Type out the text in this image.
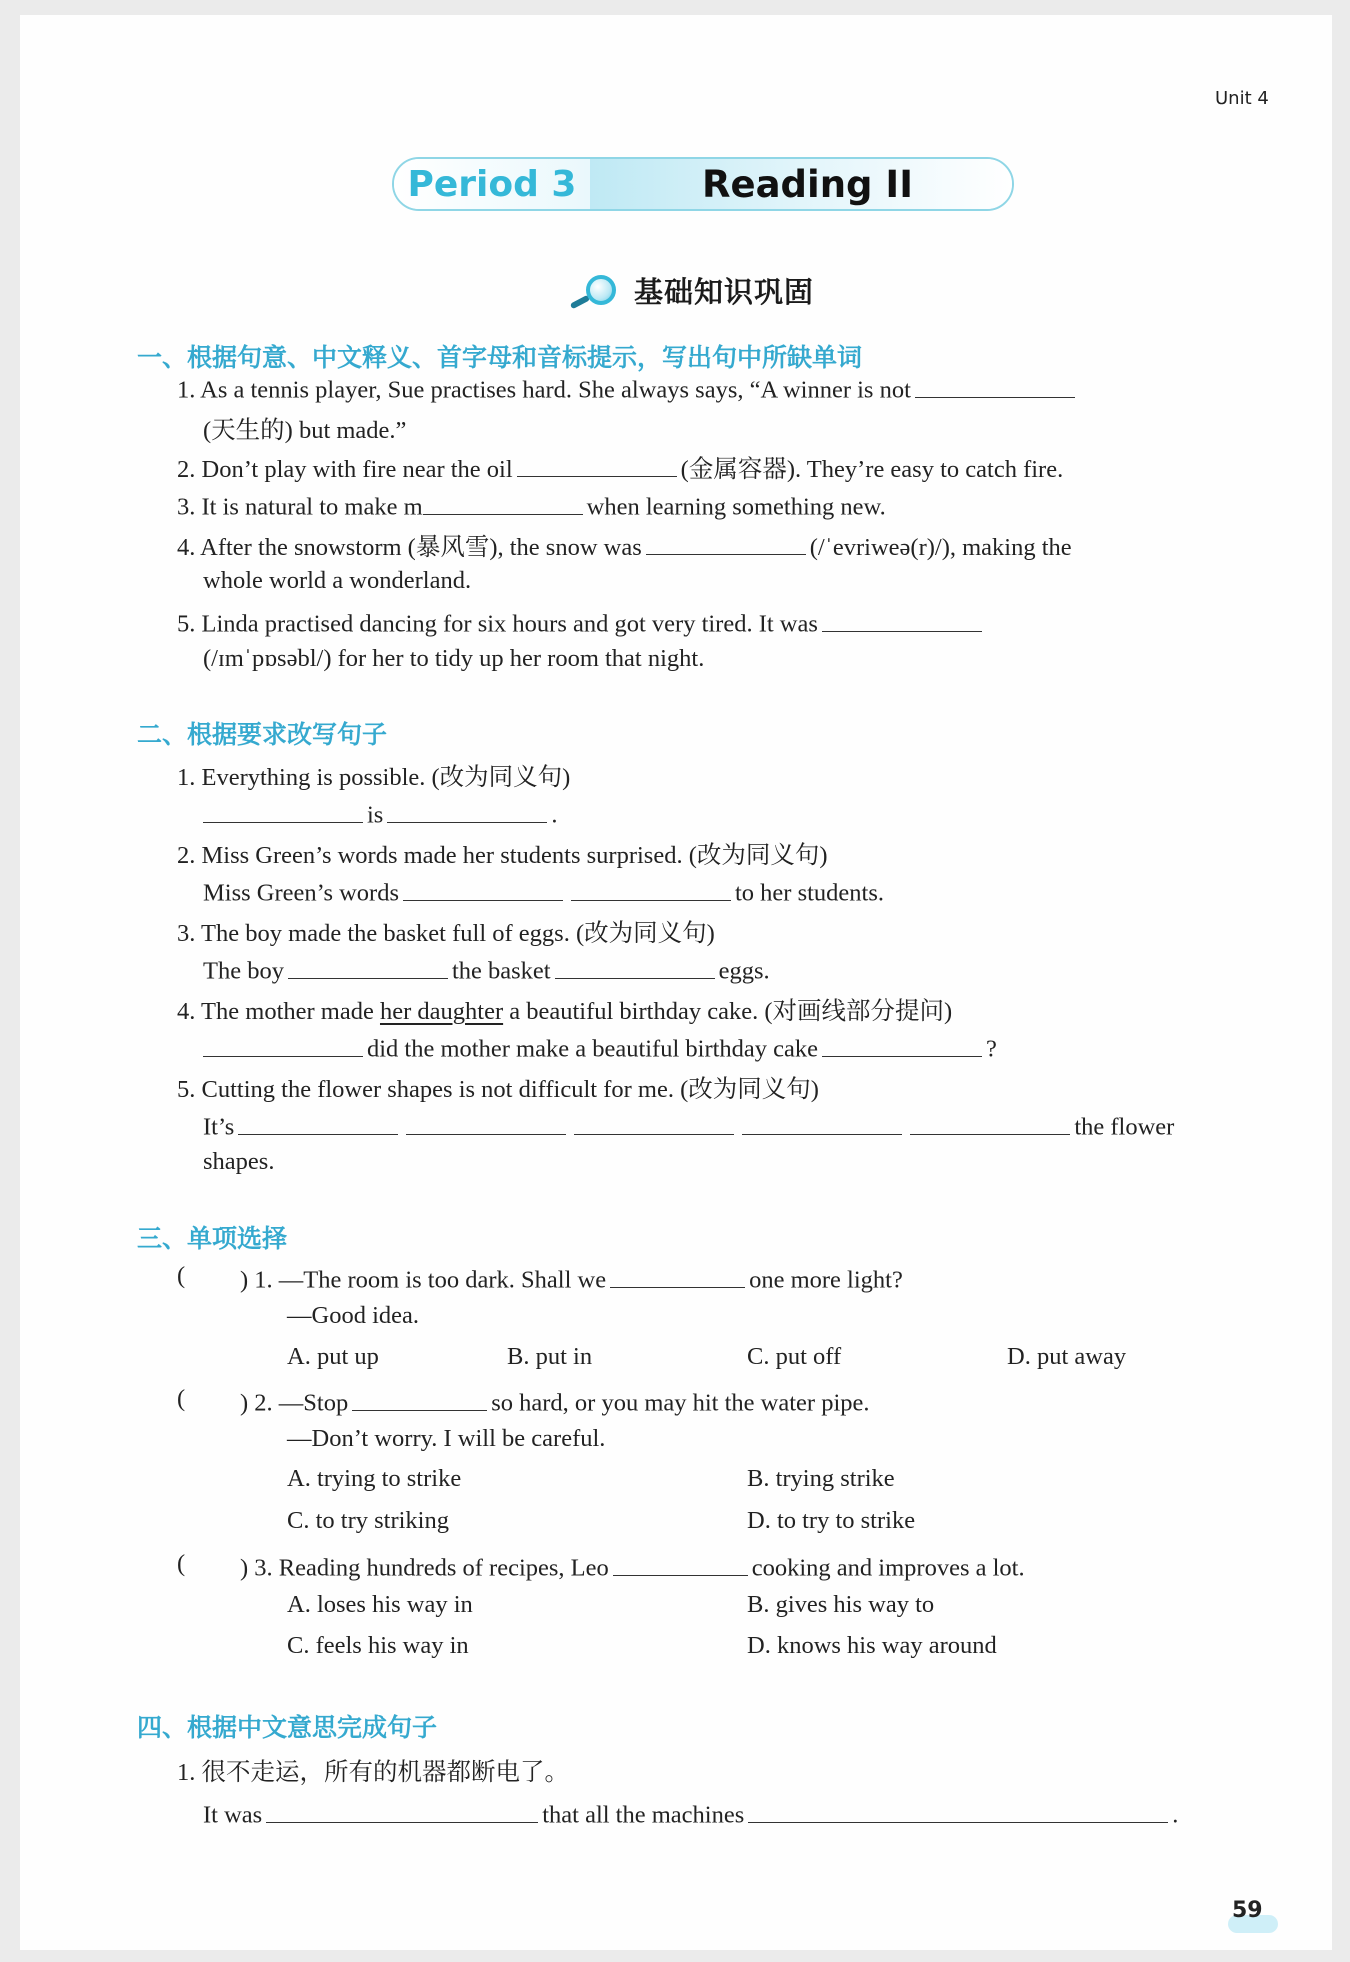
Unit 4
Period 3	Reading II
基础知识巩固
一、根据句意、中文释义、首字母和音标提示，写出句中所缺单词
1. As a tennis player, Sue practises hard. She always says, “A winner is not
(天生的) but made.”
2. Don’t play with fire near the oil	(金属容器). They’re easy to catch fire.
3. It is natural to make m	when learning something new.
4. After the snowstorm (暴风雪), the snow was	(/ˈevriweə(r)/), making the
whole world a wonderland.
5. Linda practised dancing for six hours and got very tired. It was
(/ɪmˈpɒsəbl/) for her to tidy up her room that night.
二、根据要求改写句子
1. Everything is possible. (改为同义句)
is	.
2. Miss Green’s words made her students surprised. (改为同义句)
Miss Green’s words	to her students.
3. The boy made the basket full of eggs. (改为同义句)
The boy	the basket	eggs.
4. The mother made her daughter a beautiful birthday cake. (对画线部分提问)
did the mother make a beautiful birthday cake	?
5. Cutting the flower shapes is not difficult for me. (改为同义句)
It’s	the flower
shapes.
三、单项选择
( ) 1. —The room is too dark. Shall we	one more light?
—Good idea.
A. put up	B. put in	C. put off	D. put away
( ) 2. —Stop	so hard, or you may hit the water pipe.
—Don’t worry. I will be careful.
A. trying to strike	B. trying strike
C. to try striking	D. to try to strike
( ) 3. Reading hundreds of recipes, Leo	cooking and improves a lot.
A. loses his way in	B. gives his way to
C. feels his way in	D. knows his way around
四、根据中文意思完成句子
1. 很不走运，所有的机器都断电了。
It was	that all the machines	.
59
